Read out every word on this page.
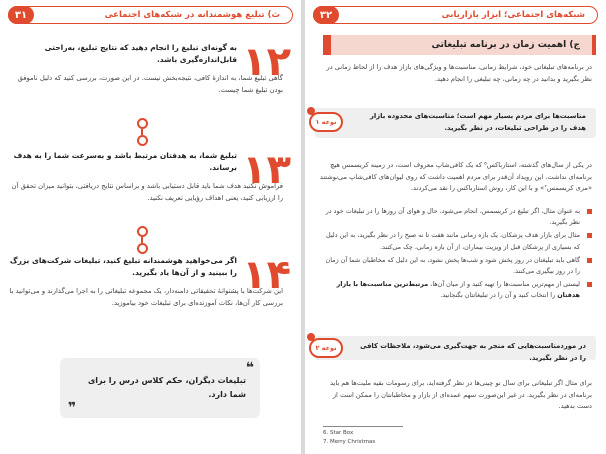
۳۱	ث) تبلیغ هوشمندانه در شبکه‌های اجتماعی
۱۲
به گونه‌ای تبلیغ را انجام دهید که نتایج تبلیغ، به‌راحتی قابل‌اندازه‌گیری باشد.
گاهی تبلیغ شما، به اندازهٔ کافی، نتیجه‌بخش نیست. در این صورت، بررسی کنید که دلیل ناموفق بودن تبلیغ شما چیست.
۱۳
تبلیغ شما، به هدفتان مرتبط باشد و به‌سرعت شما را به هدف برساند.
فراموش نکنید هدف شما باید قابل دستیابی باشد و براساس نتایج دریافتی، بتوانید میزان تحقق آن را ارزیابی کنید، یعنی اهداف رؤیایی تعریف نکنید.
۱۴
اگر می‌خواهید هوشمندانه تبلیغ کنید، تبلیغات شرکت‌های بزرگ را ببینید و از آن‌ها یاد بگیرید.
این شرکت‌ها با پشتوانهٔ تحقیقاتی دامنه‌دار، یک مجموعه تبلیغاتی را به اجرا می‌گذارند و می‌توانید با بررسی کار آن‌ها، نکات آموزنده‌ای برای تبلیغات خود بیاموزید.
❝
تبلیغات دیگران، حکم کلاس درس را برای شما دارد.
❞
۳۲	شبکه‌های اجتماعی؛ ابزار بازاریابی
ج) اهمیت زمان در برنامه تبلیغاتی
در برنامه‌های تبلیغاتی خود، شرایط زمانی، مناسبت‌ها و ویژگی‌های بازار هدف را از لحاظ زمانی در نظر بگیرید و بدانید در چه زمانی، چه تبلیغی را انجام دهید.
نوعه ۱
مناسبت‌ها برای مردم بسیار مهم است؛ مناسبت‌های محدوده بازار هدف را در طراحی تبلیغات، در نظر بگیرید.
در یکی از سال‌های گذشته، استارباکس⁶ که یک کافی‌شاپ معروف است، در زمینه کریسمس هیچ برنامه‌ای نداشت. این رویداد آن‌قدر برای مردم اهمیت داشت که روی لیوان‌های کافی‌شاپ می‌نوشتند «مری کریسمس⁷» و با این کار، روش استارباکس را نقد می‌کردند.
به عنوان مثال، اگر تبلیغ در کریسمس، انجام می‌شود، حال و هوای آن روزها را در تبلیغات خود در نظر بگیرید.
مثال برای بازار هدف پزشکان، یک بازه زمانی مانند هفت تا نه صبح را در نظر بگیرید، به این دلیل که بسیاری از پزشکان قبل از ویزیت بیماران، از آن بازه زمانی، چک می‌کنند.
گاهی باید تبلیغتان در روز پخش شود و شب‌ها پخش نشود، به این دلیل که مخاطبان شما آن زمان را در روز بیگیری می‌کنند.
لیستی از مهم‌ترین مناسبت‌ها را تهیه کنید و از میان آن‌ها، مرتبط‌ترین مناسبت‌ها با بازار هدفتان را انتخاب کنید و آن را در تبلیغاتتان بگنجانید.
نوعه ۲	در موردمناسبت‌هایی که منجر به جهت‌گیری می‌شود، ملاحظات کافی را در نظر بگیرید.
برای مثال اگر تبلیغاتی برای سال نو چینی‌ها در نظر گرفته‌اید، برای رسومات بقیه ملیت‌ها هم باید برنامه‌ای در نظر بگیرید. در غیر این‌صورت سهم عمده‌ای از بازار و مخاطبانتان را ممکن است از دست بدهید.
6. Star Box
7. Merry Christmas
